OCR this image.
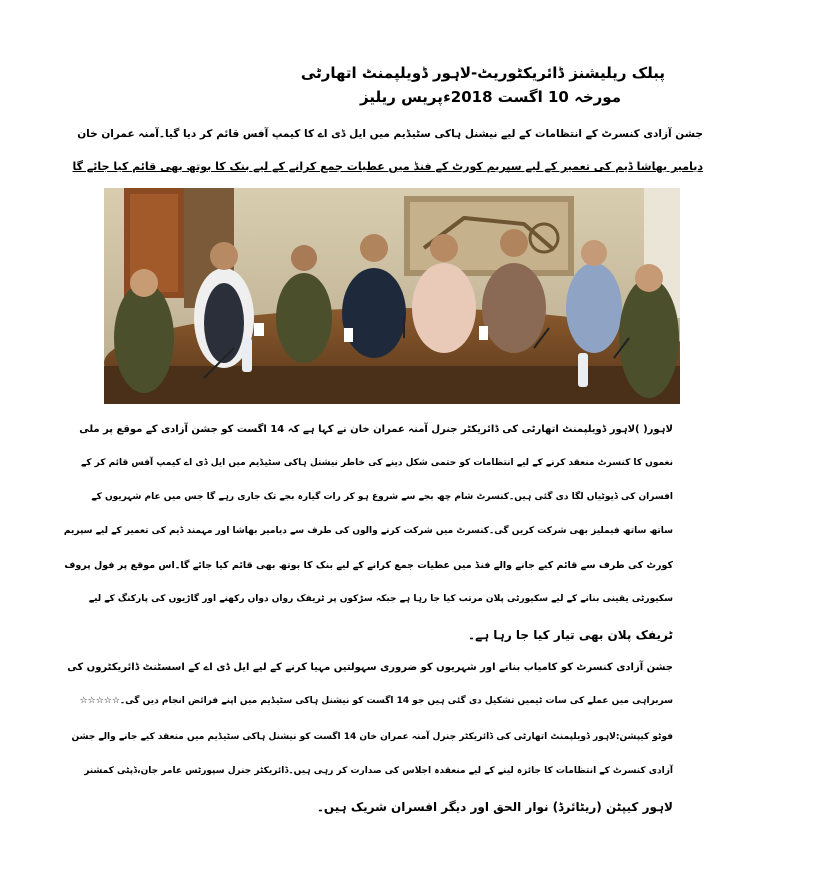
پبلک ریلیشنز ڈائریکٹوریٹ-لاہور ڈویلپمنٹ اتھارٹی
مورخہ 10 اگست 2018ء
پریس ریلیز
جشن آزادی کنسرٹ کے انتظامات کے لیے نیشنل ہاکی سٹیڈیم میں ایل ڈی اے کا کیمپ آفس قائم کر دیا گیا۔آمنہ عمران خان
دیامیر بھاشا ڈیم کی تعمیر کے لیے سپریم کورٹ کے فنڈ میں عطیات جمع کرانے کے لیے بنک کا بوتھ بھی قائم کیا جائے گا
لاہور( )لاہور ڈویلپمنٹ اتھارٹی کی ڈائریکٹر جنرل آمنہ عمران خان نے کہا ہے کہ 14 اگست کو جشن آزادی کے موقع پر ملی
نغموں کا کنسرٹ منعقد کرنے کے لیے انتظامات کو حتمی شکل دینے کی خاطر نیشنل ہاکی سٹیڈیم میں ایل ڈی اے کیمپ آفس قائم کر کے
افسران کی ڈیوٹیاں لگا دی گئی ہیں۔کنسرٹ شام چھ بجے سے شروع ہو کر رات گیارہ بجے تک جاری رہے گا جس میں عام شہریوں کے
ساتھ ساتھ فیملیز بھی شرکت کریں گی۔کنسرٹ میں شرکت کرنے والوں کی طرف سے دیامیر بھاشا اور مہمند ڈیم کی تعمیر کے لیے سپریم
کورٹ کی طرف سے قائم کیے جانے والے فنڈ میں عطیات جمع کرانے کے لیے بنک کا بوتھ بھی قائم کیا جائے گا۔اس موقع پر فول پروف
سکیورٹی یقینی بنانے کے لیے سکیورٹی پلان مرتب کیا جا رہا ہے جبکہ سڑکوں پر ٹریفک رواں دواں رکھنے اور گاڑیوں کی پارکنگ کے لیے
ٹریفک پلان بھی تیار کیا جا رہا ہے۔
جشن آزادی کنسرٹ کو کامیاب بنانے اور شہریوں کو ضروری سہولتیں مہیا کرنے کے لیے ایل ڈی اے کے اسسٹنٹ ڈائریکٹروں کی
سربراہی میں عملے کی سات ٹیمیں تشکیل دی گئی ہیں جو 14 اگست کو نیشنل ہاکی سٹیڈیم میں اپنے فرائض انجام دیں گی۔☆☆☆☆☆
فوٹو کیپشن:لاہور ڈویلپمنٹ اتھارٹی کی ڈائریکٹر جنرل آمنہ عمران خان 14 اگست کو نیشنل ہاکی سٹیڈیم میں منعقد کیے جانے والے جشن
آزادی کنسرٹ کے انتظامات کا جائزہ لینے کے لیے منعقدہ اجلاس کی صدارت کر رہی ہیں۔ڈائریکٹر جنرل سپورٹس عامر جان،ڈپٹی کمشنر
لاہور کیپٹن (ریٹائرڈ) نوار الحق اور دیگر افسران شریک ہیں۔
